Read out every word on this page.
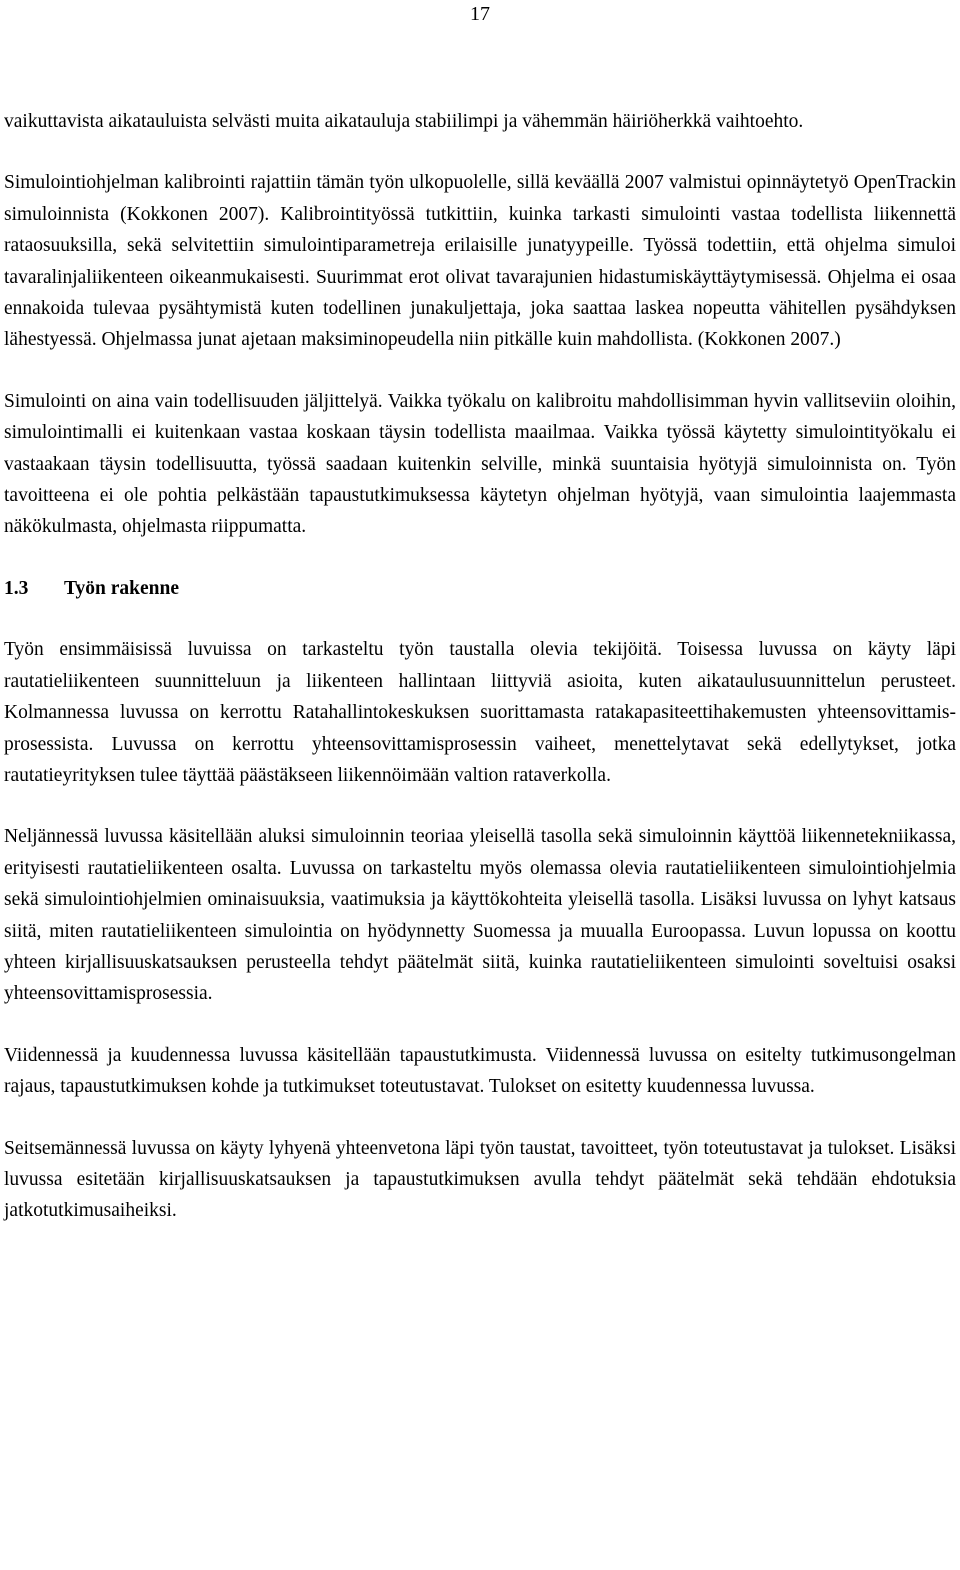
17

vaikuttavista aikatauluista selvästi muita aikatauluja stabiilimpi ja vähemmän häiriöherkkä vaihtoehto.

Simulointiohjelman kalibrointi rajattiin tämän työn ulkopuolelle, sillä keväällä 2007 valmistui opinnäytetyö OpenTrackin simuloinnista (Kokkonen 2007). Kalibrointityössä tutkittiin, kuinka tarkasti simulointi vastaa todellista liikennettä rataosuuksilla, sekä selvitettiin simulointiparametreja erilaisille junatyypeille. Työssä todettiin, että ohjelma simuloi tavaralinjaliikenteen oikeanmukaisesti. Suurimmat erot olivat tavarajunien hidastumiskäyttäytymisessä. Ohjelma ei osaa ennakoida tulevaa pysähtymistä kuten todellinen junakuljettaja, joka saattaa laskea nopeutta vähitellen pysähdyksen lähestyessä. Ohjelmassa junat ajetaan maksiminopeudella niin pitkälle kuin mahdollista. (Kokkonen 2007.)

Simulointi on aina vain todellisuuden jäljittelyä. Vaikka työkalu on kalibroitu mahdollisimman hyvin vallitseviin oloihin, simulointimalli ei kuitenkaan vastaa koskaan täysin todellista maailmaa. Vaikka työssä käytetty simulointityökalu ei vastaakaan täysin todellisuutta, työssä saadaan kuitenkin selville, minkä suuntaisia hyötyjä simuloinnista on. Työn tavoitteena ei ole pohtia pelkästään tapaustutkimuksessa käytetyn ohjelman hyötyjä, vaan simulointia laajemmasta näkökulmasta, ohjelmasta riippumatta.

1.3 Työn rakenne

Työn ensimmäisissä luvuissa on tarkasteltu työn taustalla olevia tekijöitä. Toisessa luvussa on käyty läpi rautatieliikenteen suunnitteluun ja liikenteen hallintaan liittyviä asioita, kuten aikataulusuunnittelun perusteet. Kolmannessa luvussa on kerrottu Ratahallintokeskuksen suorittamasta ratakapasiteettihakemusten yhteensovittamisprosessista. Luvussa on kerrottu yhteensovittamisprosessin vaiheet, menettelytavat sekä edellytykset, jotka rautatieyrityksen tulee täyttää päästäkseen liikennöimään valtion rataverkolla.

Neljännessä luvussa käsitellään aluksi simuloinnin teoriaa yleisellä tasolla sekä simuloinnin käyttöä liikennetekniikassa, erityisesti rautatieliikenteen osalta. Luvussa on tarkasteltu myös olemassa olevia rautatieliikenteen simulointiohjelmia sekä simulointiohjelmien ominaisuuksia, vaatimuksia ja käyttökohteita yleisellä tasolla. Lisäksi luvussa on lyhyt katsaus siitä, miten rautatieliikenteen simulointia on hyödynnetty Suomessa ja muualla Euroopassa. Luvun lopussa on koottu yhteen kirjallisuuskatsauksen perusteella tehdyt päätelmät siitä, kuinka rautatieliikenteen simulointi soveltuisi osaksi yhteensovittamisprosessia.

Viidennessä ja kuudennessa luvussa käsitellään tapaustutkimusta. Viidennessä luvussa on esitelty tutkimusongelman rajaus, tapaustutkimuksen kohde ja tutkimukset toteutustavat. Tulokset on esitetty kuudennessa luvussa.

Seitsemännessä luvussa on käyty lyhyenä yhteenvetona läpi työn taustat, tavoitteet, työn toteutustavat ja tulokset. Lisäksi luvussa esitetään kirjallisuuskatsauksen ja tapaustutkimuksen avulla tehdyt päätelmät sekä tehdään ehdotuksia jatkotutkimusaiheiksi.
